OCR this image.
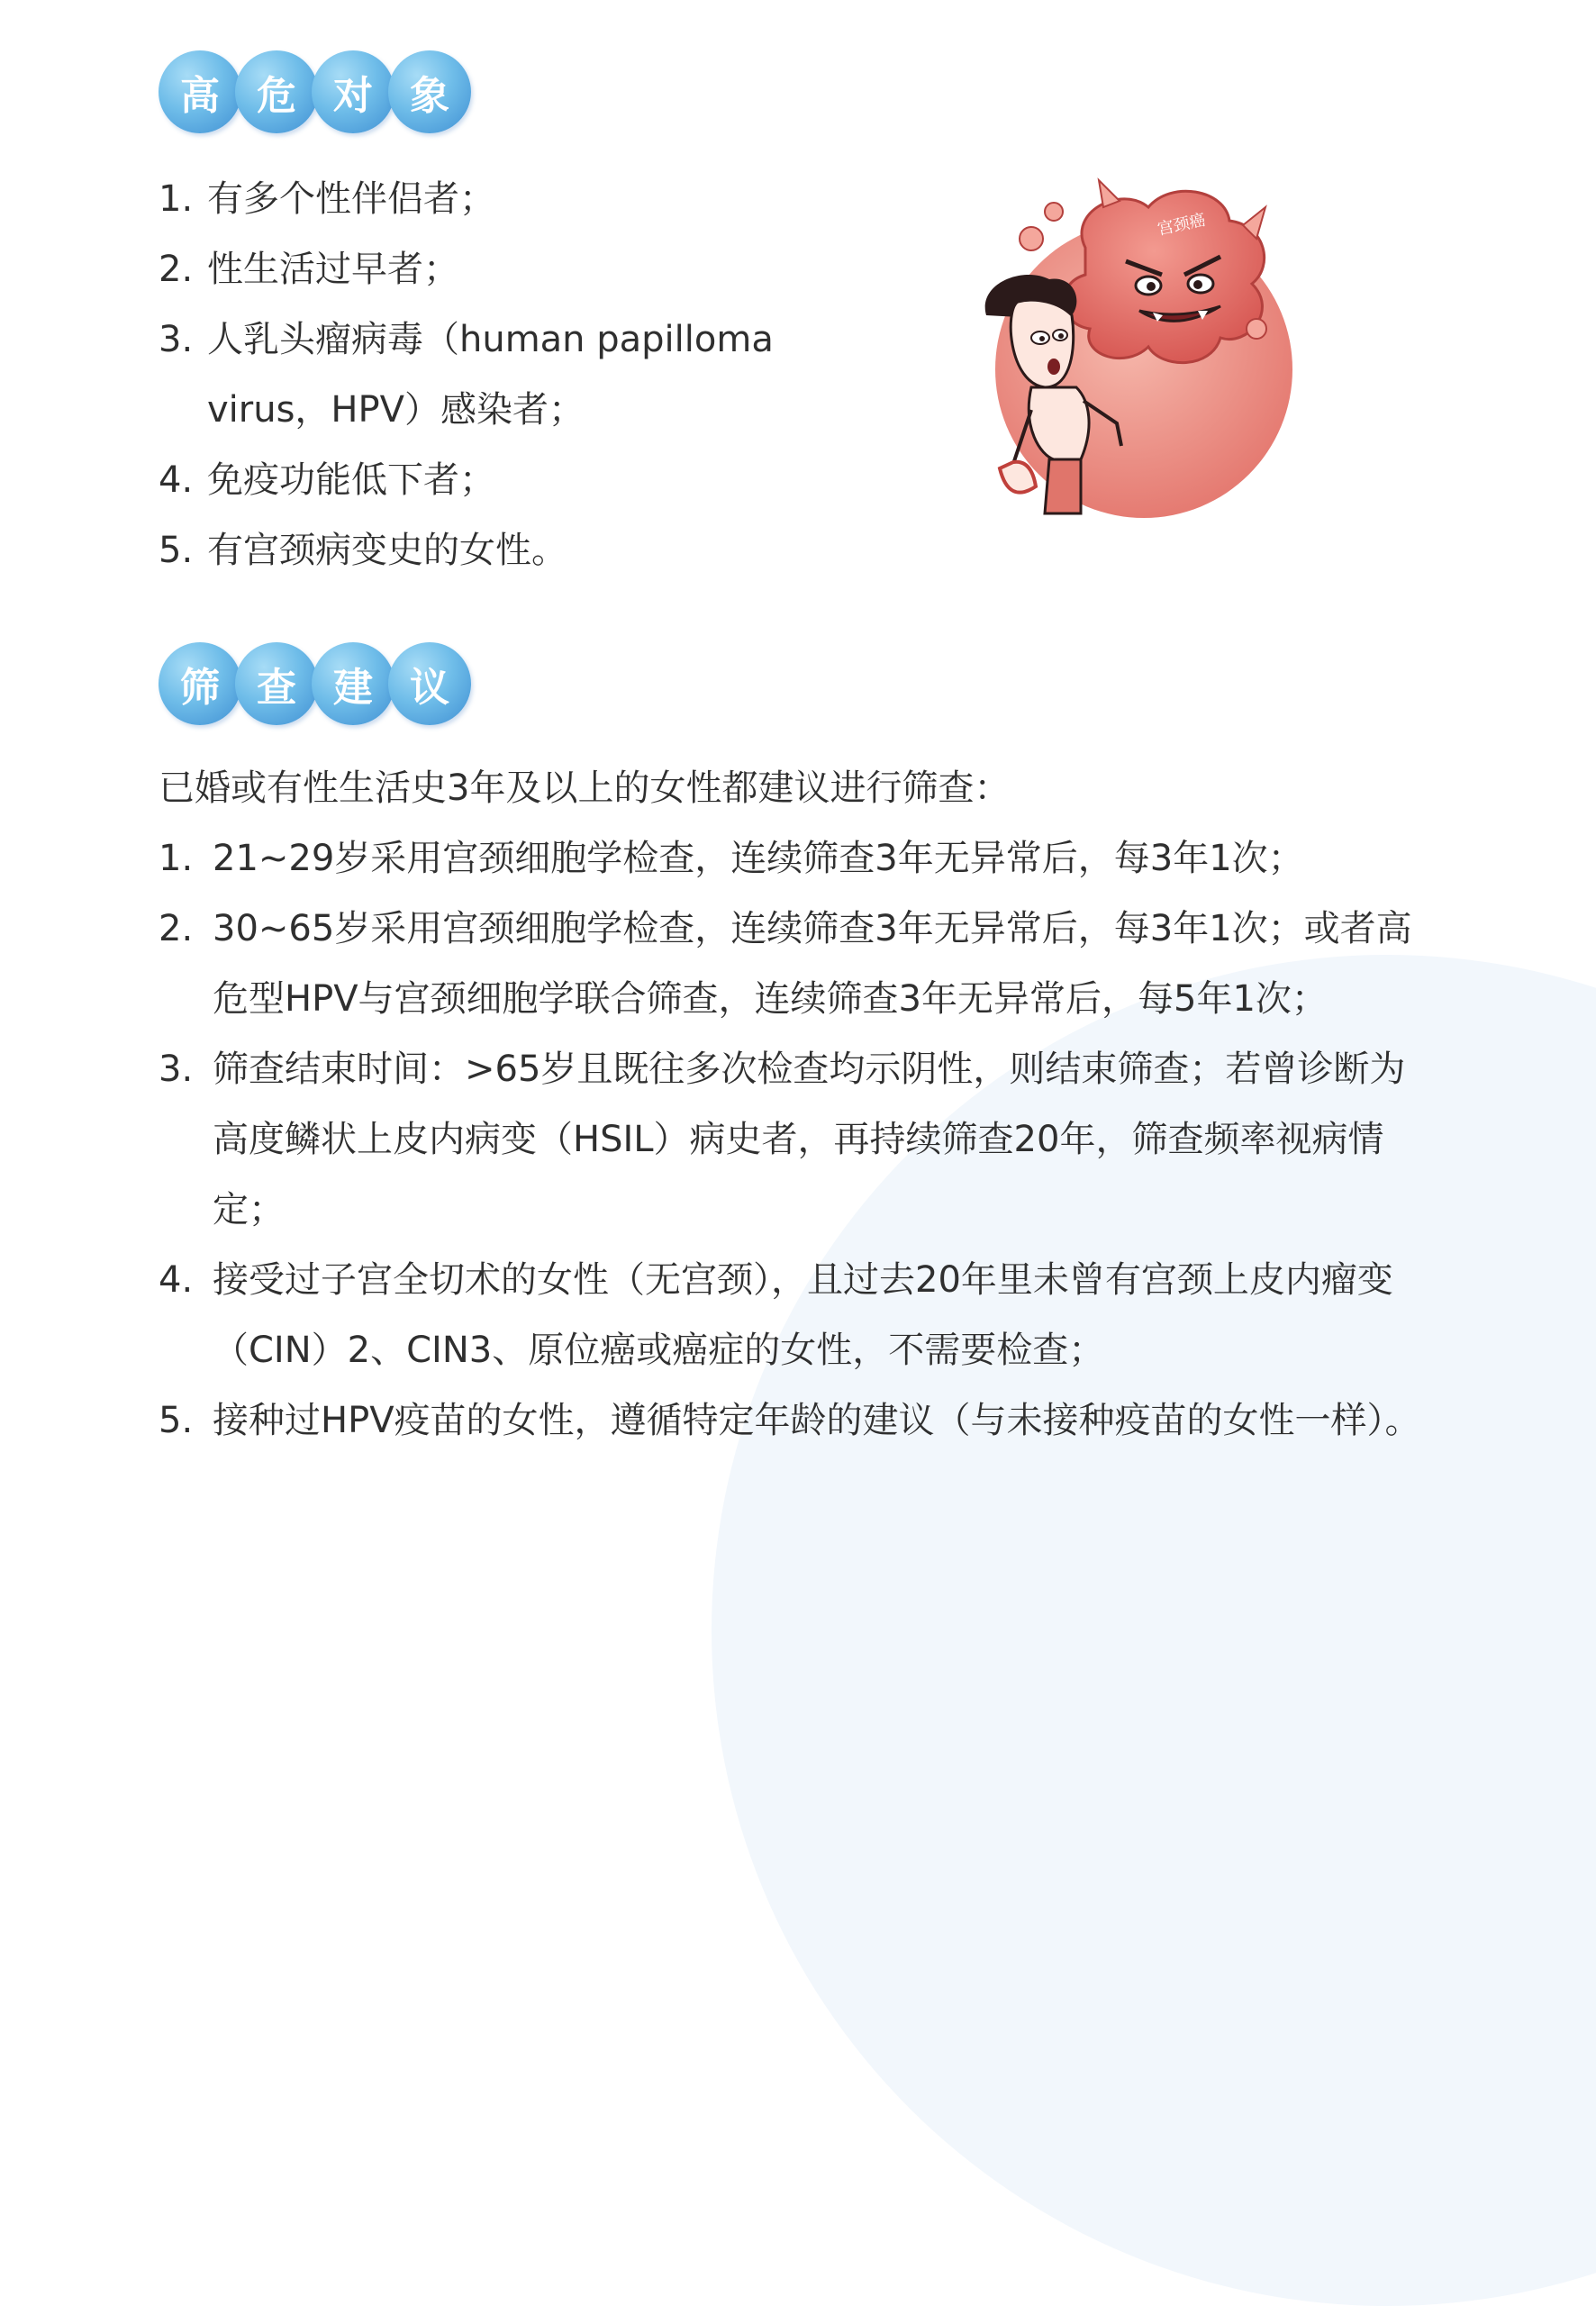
高 危 对 象
1. 有多个性伴侣者；
2. 性生活过早者；
3. 人乳头瘤病毒（human papilloma virus，HPV）感染者；
4. 免疫功能低下者；
5. 有宫颈病变史的女性。
宫颈癌
筛 查 建 议
已婚或有性生活史3年及以上的女性都建议进行筛查：
1. 21~29岁采用宫颈细胞学检查，连续筛查3年无异常后，每3年1次；
2. 30~65岁采用宫颈细胞学检查，连续筛查3年无异常后，每3年1次；或者高危型HPV与宫颈细胞学联合筛查，连续筛查3年无异常后，每5年1次；
3. 筛查结束时间：>65岁且既往多次检查均示阴性，则结束筛查；若曾诊断为高度鳞状上皮内病变（HSIL）病史者，再持续筛查20年，筛查频率视病情定；
4. 接受过子宫全切术的女性（无宫颈），且过去20年里未曾有宫颈上皮内瘤变（CIN）2、CIN3、原位癌或癌症的女性，不需要检查；
5. 接种过HPV疫苗的女性，遵循特定年龄的建议（与未接种疫苗的女性一样）。
